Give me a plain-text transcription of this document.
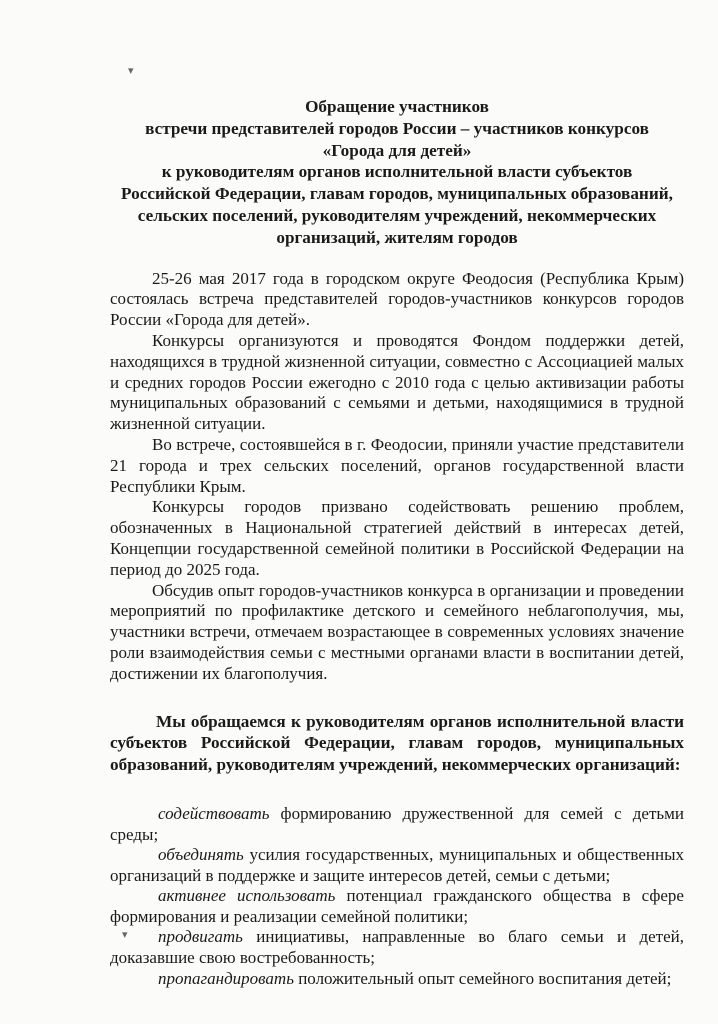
▾
▾
Обращение участников
встречи представителей городов России – участников конкурсов
«Города для детей»
к руководителям органов исполнительной власти субъектов
Российской Федерации, главам городов, муниципальных образований,
сельских поселений, руководителям учреждений, некоммерческих
организаций, жителям городов

25-26 мая 2017 года в городском округе Феодосия (Республика Крым) состоялась встреча представителей городов-участников конкурсов городов России «Города для детей».

Конкурсы организуются и проводятся Фондом поддержки детей, находящихся в трудной жизненной ситуации, совместно с Ассоциацией малых и средних городов России ежегодно с 2010 года с целью активизации работы муниципальных образований с семьями и детьми, находящимися в трудной жизненной ситуации.

Во встрече, состоявшейся в г. Феодосии, приняли участие представители 21 города и трех сельских поселений, органов государственной власти Республики Крым.

Конкурсы городов призвано содействовать решению проблем, обозначенных в Национальной стратегией действий в интересах детей, Концепции государственной семейной политики в Российской Федерации на период до 2025 года.

Обсудив опыт городов-участников конкурса в организации и проведении мероприятий по профилактике детского и семейного неблагополучия, мы, участники встречи, отмечаем возрастающее в современных условиях значение роли взаимодействия семьи с местными органами власти в воспитании детей, достижении их благополучия.

Мы обращаемся к руководителям органов исполнительной власти субъектов Российской Федерации, главам городов, муниципальных образований, руководителям учреждений, некоммерческих организаций:

содействовать формированию дружественной для семей с детьми среды;

объединять усилия государственных, муниципальных и общественных организаций в поддержке и защите интересов детей, семьи с детьми;

активнее использовать потенциал гражданского общества в сфере формирования и реализации семейной политики;

продвигать инициативы, направленные во благо семьи и детей, доказавшие свою востребованность;

пропагандировать положительный опыт семейного воспитания детей;
